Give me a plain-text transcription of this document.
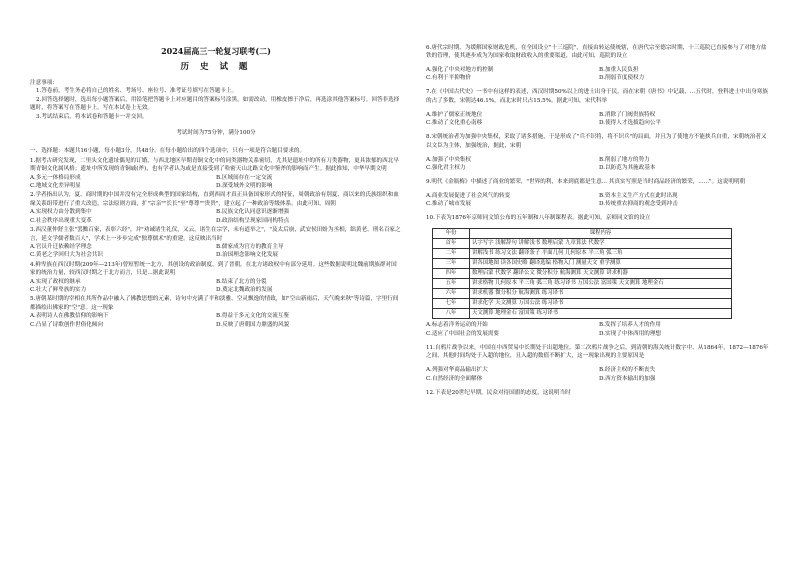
2024届高三一轮复习联考(二)
历 史 试 题
注意事项:

1.答卷前，考生务必将自己的姓名、考场号、座位号、准考证号填写在答题卡上。

2.回答选择题时，选出每小题答案后，用铅笔把答题卡上对应题目的答案标号涂黑。如需改动，用橡皮擦干净后，再选涂其他答案标号。回答非选择题时，将答案写在答题卡上。写在本试卷上无效。

3.考试结束后，将本试卷和答题卡一并交回。

考试时间为75分钟，满分100分

一、选择题：本题共16小题，每小题3分，共48分。在每小题给出的四个选项中，只有一项是符合题目要求的。

1.据考古研究发现，二里头文化遗址偶见的订婚，与西北地区早期青铜文化中的同类器物关系密切，尤其是遗址中的所有刀类器物，更具浓郁的西北早期青铜文化属风格；遗址中所发现的青铜戚(斧)，也有学者认为或是直接受到了哈密天山北路文化中鉴斧的影响而产生。据此推知，中华早期文明

A.多元一体格局形成	B.区域间存在一定交流
C.地域文化差异明显	D.深受域外文明的影响

2.学者指出认为，夏、商时期的中国并没有完全形成典型的国家结构，直到西周才真正具备国家形式的特征，周朝政治有別夏、商以来的氏族组织和血缘关系组带进行了重大改造，宗法原则方面，扩"宗亲""长长"至"尊尊""贵贵"，建立起了一种政治等级体系。由此可知，周朝

A.实现权力由分散到集中	B.民族文化认同意识逐渐增强
C.社会秩序出现重大变革	D.政治结构呈现家国同构特点

3.西汉董仲舒主张"罢黜百家，表彰六经"，并"劝诫诸生礼仪，又云，诸生在宗学，未有道举之"，"及太后崩，武安侯田蚡为丞相，绌黄老、刑名百家之言，延文学儒者数百人"，学术上一步步完成"独尊儒术"的重建。这反映出当时

A.官员升迁依赖经学理念	B.儒家成为官方的教育主导
C.黄老之学回归大为社会共识	D.治国理念影响文化发展

4.鲜卑族在西汉时期(209年—213年)曾短暂统一北方，其创设的政治制度，到了晋朝，在北方诸政权中有部分延用。这些数据说明北魏前期族群对国家的统治力量，较西汉时期之于北方而言，只是...据此说明

A.实现了政权的继承	B.结束了北方的分裂
C.壮大了鲜卑族的实力	D.奠定北魏政治的发展

5.唐朝某时期的宰相在其所作品中融入了佛教思想的元素，诗句中充满了平和淡雅、空灵飘逸的情致，如"空山新雨后，天气晚来秋"等诗篇，字里行间都描绘出佛家的"空"意。这一现象

A.表明诗人在佛教信仰的影响下	B.得益于多元文化的交流互鉴
C.凸显了诗歌创作世俗化倾向	D.反映了唐朝国力鼎盛的风貌

6.唐代宗时期，为缓解国家财政危机，在全国设立"十三巡院"，直接由转运使统辖，在唐代宗至德宗时期，十三巡院已直接参与了对地方盐铁的管理，使其逐步成为为国家收取财政收入的重要渠道，由此可知，巡院的设立

A.强化了中央对地方的控制	B.加重人民负担
C.有利于平抑物价	D.削弱节度使权力

7.在《中国古代史》一书中有这样的表述，西汉时期50%以上的进士出身于民，而在宋朝《唐书》中记载，...五代时，登科进士中出身寒族的占了多数，宋朝达46.1%，而北宋时只占15.5%。据此可知，宋代科举

A.维护了儒家正统地位	B.消除了门阀贵族特权
C.推动了文化重心南移	D.使得人才选拔趋向公平

8.宋朝统治者为加强中央集权，采取了诸多措施，于是形成了"兵不识将，将不识兵"的局面，并且为了使地方不能挟兵自重，宋朝统治者又以文臣为主体，加强统治，据此，宋朝

A.加强了中央集权	B.削弱了地方的势力
C.强化君主权力	D.以防范为其施政基本

9.明代《金瓶梅》中描述了商业的繁荣，"世界的利，本来到底都是生意... 其真实写照是当时商品经济的繁荣，......"。这说明明朝

A.商业发展促进了社会风气的转变	B.资本主义生产方式在此时出现
C.推动了城市发展	D.传统重农抑商的观念受到冲击

10.下表为1876年京师同文馆公布的五年制和八年制课程表。据此可知，京师同文馆的设立

年份	课程内容
首年	认字写字 浅解辞句 讲解浅书 数理启蒙 九章算法 代数学
二年	讲解浅书 练习文法 翻译条子 平面几何 几何原本 平三角 弧三角
三年	讲各国地图 读各国史略 翻译选编 格物入门 测量天文 重学测算
四年	数理启蒙 代数学 翻译公文 微分积分 航海测算 天文测算 讲求机器
五年	讲求格物 几何原本 平三角 弧三角 练习译书 万国公法 富国策 天文测算 地理金石
六年	讲求机器 微分积分 航海测算 练习译书
七年	讲求化学 天文测算 万国公法 练习译书
八年	天文测算 地理金石 富国策 练习译书
A.标志着洋务运动的开始	B.发挥了培养人才的作用
C.适应了中国社会的发展需要	D.实现了中体西用的理想

11.自鸦片战争以来，中国在中西贸易中长期处于出超地位，第二次鸦片战争之后，到清朝的海关统计数字中，从1864年，1872—1876年之间，其他时间均处于入超的地位，且入超的数值不断扩大，这一现象出现的主要原因是

A.列强对华商品输出扩大	B.经济主权的不断丧失
C.自然经济的全面解体	D.西方资本输出的加强

12.下表是20世纪早期，民众对待国旗的态度，这说明当时
